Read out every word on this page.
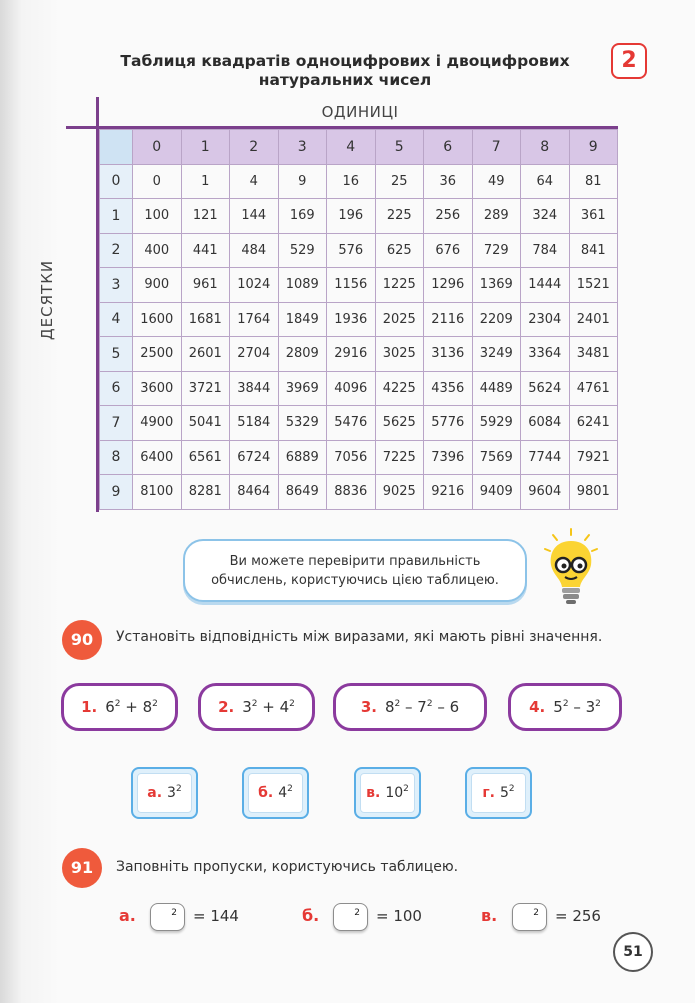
Таблиця квадратів одноцифрових і двоцифрових
натуральних чисел
2
ОДИНИЦІ
ДЕСЯТКИ
	0	1	2	3	4	5	6	7	8	9
0	0	1	4	9	16	25	36	49	64	81
1	100	121	144	169	196	225	256	289	324	361
2	400	441	484	529	576	625	676	729	784	841
3	900	961	1024	1089	1156	1225	1296	1369	1444	1521
4	1600	1681	1764	1849	1936	2025	2116	2209	2304	2401
5	2500	2601	2704	2809	2916	3025	3136	3249	3364	3481
6	3600	3721	3844	3969	4096	4225	4356	4489	5624	4761
7	4900	5041	5184	5329	5476	5625	5776	5929	6084	6241
8	6400	6561	6724	6889	7056	7225	7396	7569	7744	7921
9	8100	8281	8464	8649	8836	9025	9216	9409	9604	9801
Ви можете перевірити правильність
обчислень, користуючись цією таблицею.
90	Установіть відповідність між виразами, які мають рівні значення.
1. $6^2 + 8^2$	2. $3^2 + 4^2$	3. $8^2 - 7^2 - 6$	4. $5^2 - 3^2$
а. $3^2$	б. $4^2$	в. $10^2$	г. $5^2$
91	Заповніть пропуски, користуючись таблицею.
а.	2 = 144	б.	2 = 100	в.	2 = 256
51
